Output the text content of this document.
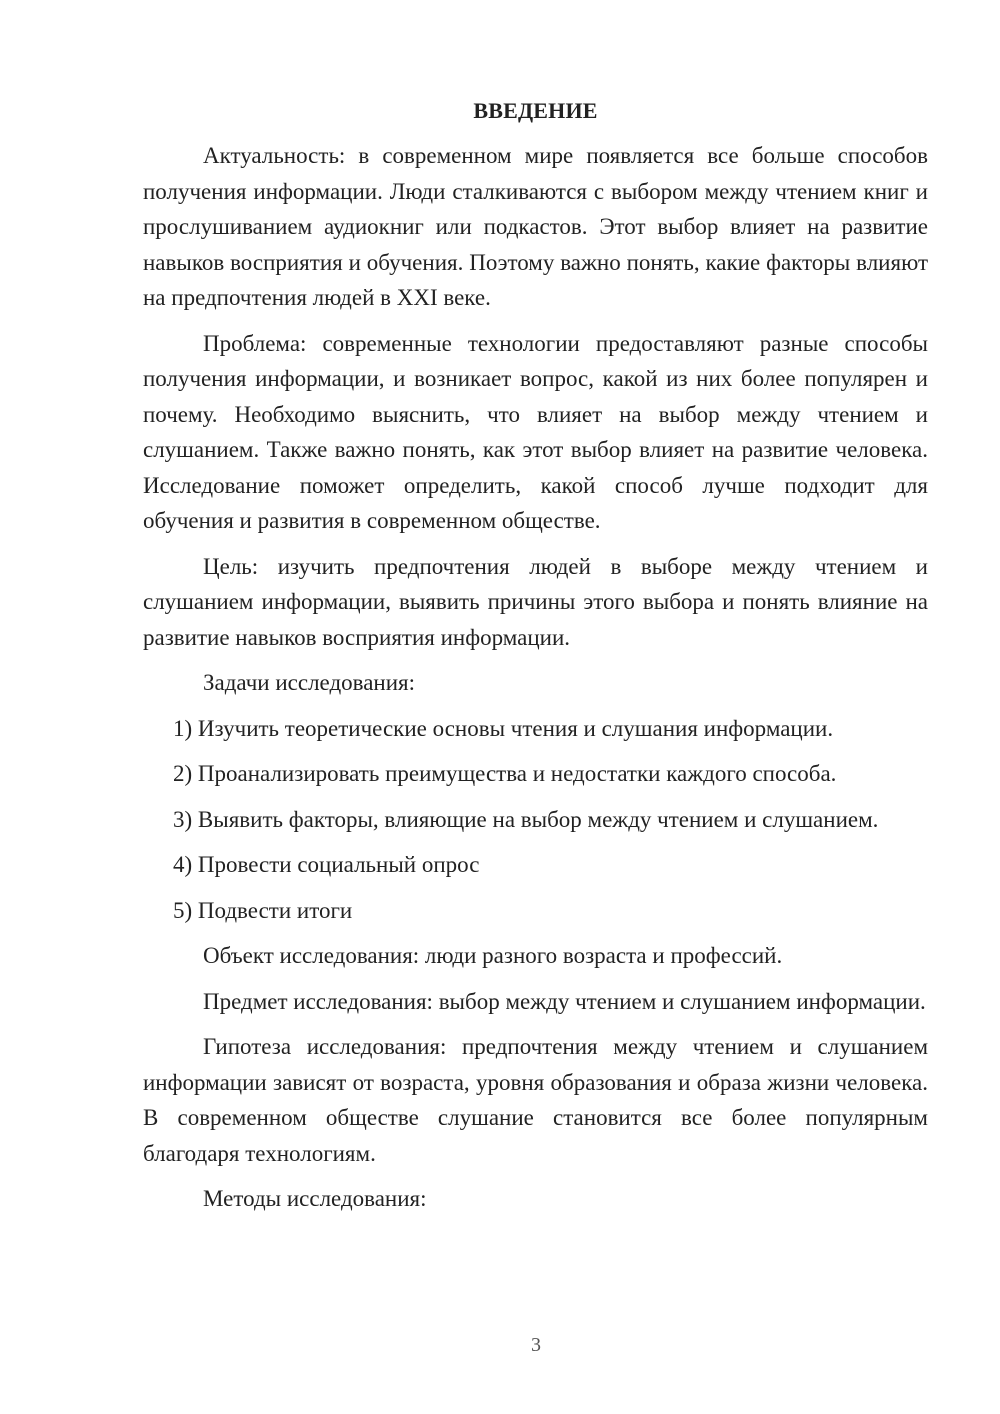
ВВЕДЕНИЕ

Актуальность: в современном мире появляется все больше способов получения информации. Люди сталкиваются с выбором между чтением книг и прослушиванием аудиокниг или подкастов. Этот выбор влияет на развитие навыков восприятия и обучения. Поэтому важно понять, какие факторы влияют на предпочтения людей в XXI веке.

Проблема: современные технологии предоставляют разные способы получения информации, и возникает вопрос, какой из них более популярен и почему. Необходимо выяснить, что влияет на выбор между чтением и слушанием. Также важно понять, как этот выбор влияет на развитие человека. Исследование поможет определить, какой способ лучше подходит для обучения и развития в современном обществе.

Цель: изучить предпочтения людей в выборе между чтением и слушанием информации, выявить причины этого выбора и понять влияние на развитие навыков восприятия информации.

Задачи исследования:

1) Изучить теоретические основы чтения и слушания информации.

2) Проанализировать преимущества и недостатки каждого способа.

3) Выявить факторы, влияющие на выбор между чтением и слушанием.

4) Провести социальный опрос

5) Подвести итоги

Объект исследования: люди разного возраста и профессий.

Предмет исследования: выбор между чтением и слушанием информации.

Гипотеза исследования: предпочтения между чтением и слушанием информации зависят от возраста, уровня образования и образа жизни человека. В современном обществе слушание становится все более популярным благодаря технологиям.

Методы исследования:

3
